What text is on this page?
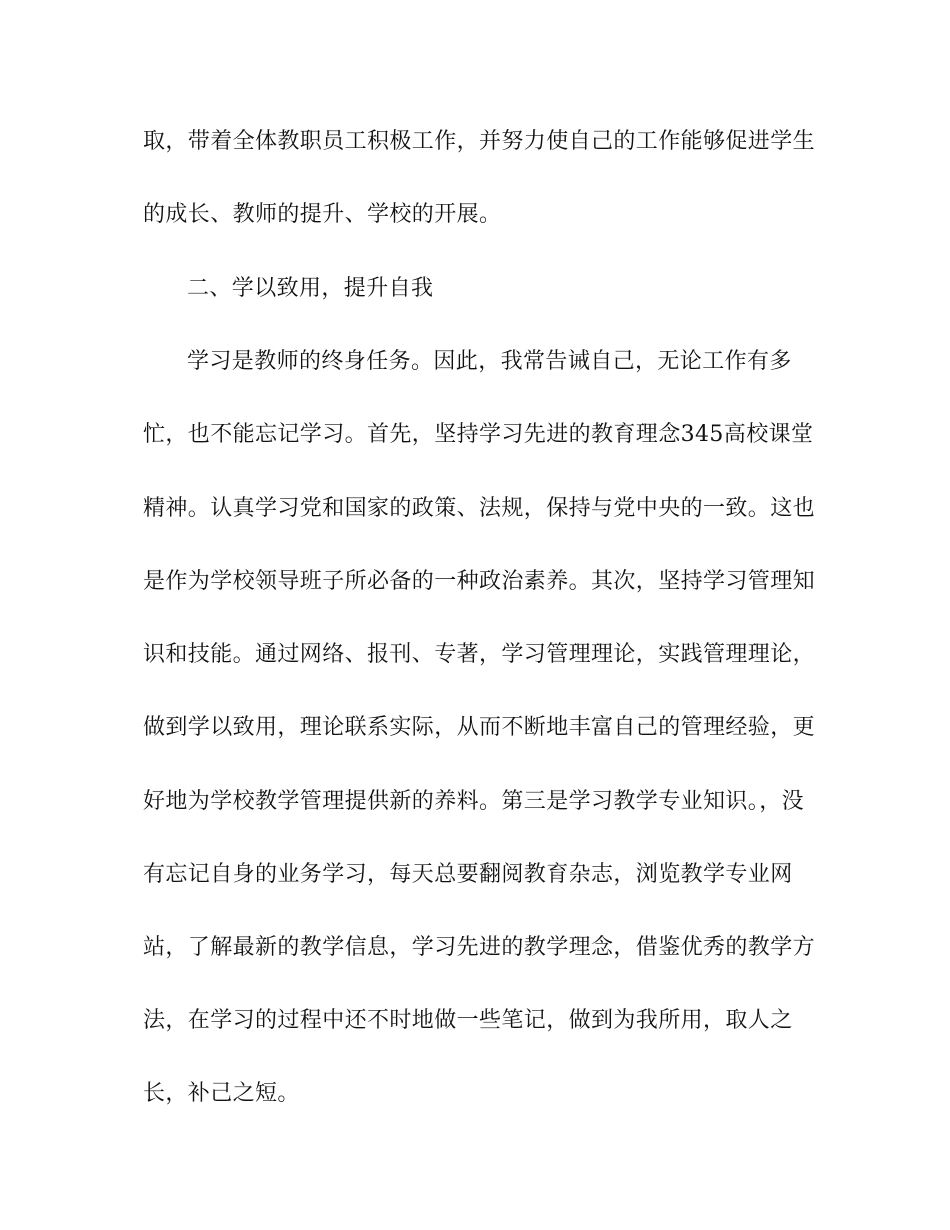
取，带着全体教职员工积极工作，并努力使自己的工作能够促进学生
的成长、教师的提升、学校的开展。
二、学以致用，提升自我
学习是教师的终身任务。因此，我常告诫自己，无论工作有多
忙，也不能忘记学习。首先，坚持学习先进的教育理念345高校课堂
精神。认真学习党和国家的政策、法规，保持与党中央的一致。这也
是作为学校领导班子所必备的一种政治素养。其次，坚持学习管理知
识和技能。通过网络、报刊、专著，学习管理理论，实践管理理论，
做到学以致用，理论联系实际，从而不断地丰富自己的管理经验，更
好地为学校教学管理提供新的养料。第三是学习教学专业知识。，没
有忘记自身的业务学习，每天总要翻阅教育杂志，浏览教学专业网
站，了解最新的教学信息，学习先进的教学理念，借鉴优秀的教学方
法，在学习的过程中还不时地做一些笔记，做到为我所用，取人之
长，补己之短。
